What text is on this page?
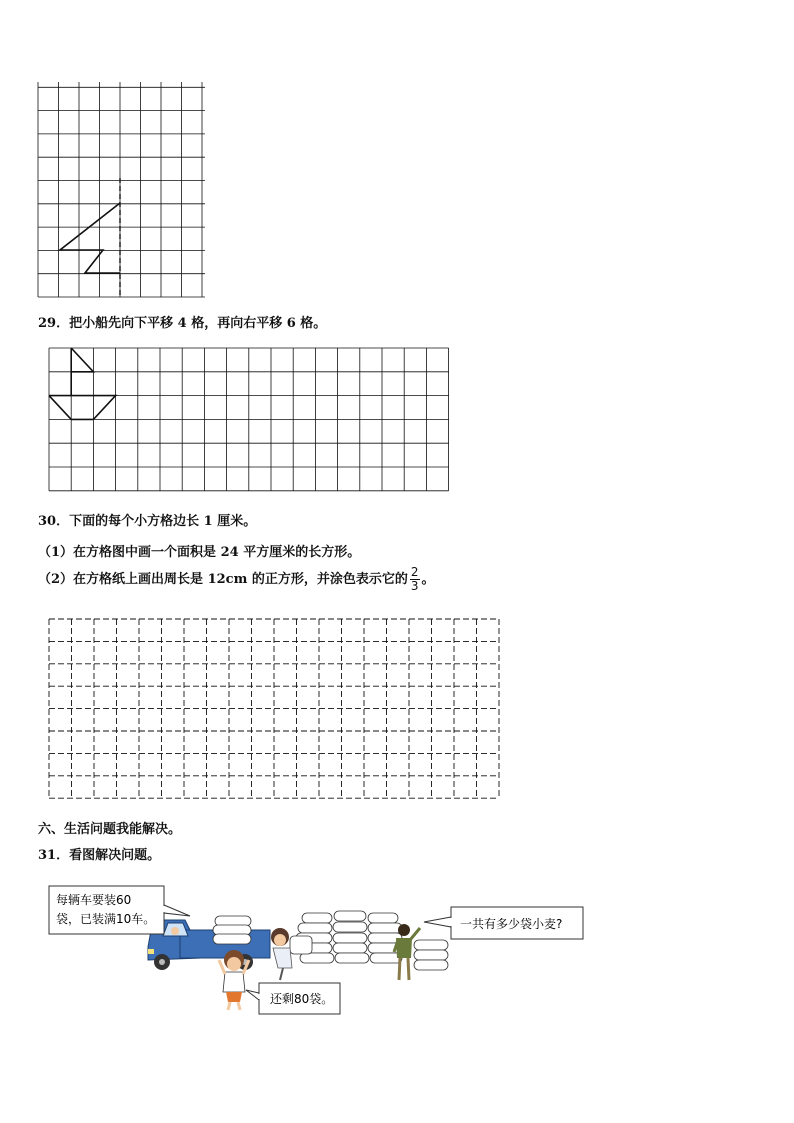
29．把小船先向下平移 4 格，再向右平移 6 格。
30．下面的每个小方格边长 1 厘米。
（1）在方格图中画一个面积是 24 平方厘米的长方形。
（2）在方格纸上画出周长是 12cm 的正方形，并涂色表示它的 $\frac{2}{3}$ 。
六、生活问题我能解决。
31．看图解决问题。
每辆车要装60
袋，已装满10车。
还剩80袋。
一共有多少袋小麦?
